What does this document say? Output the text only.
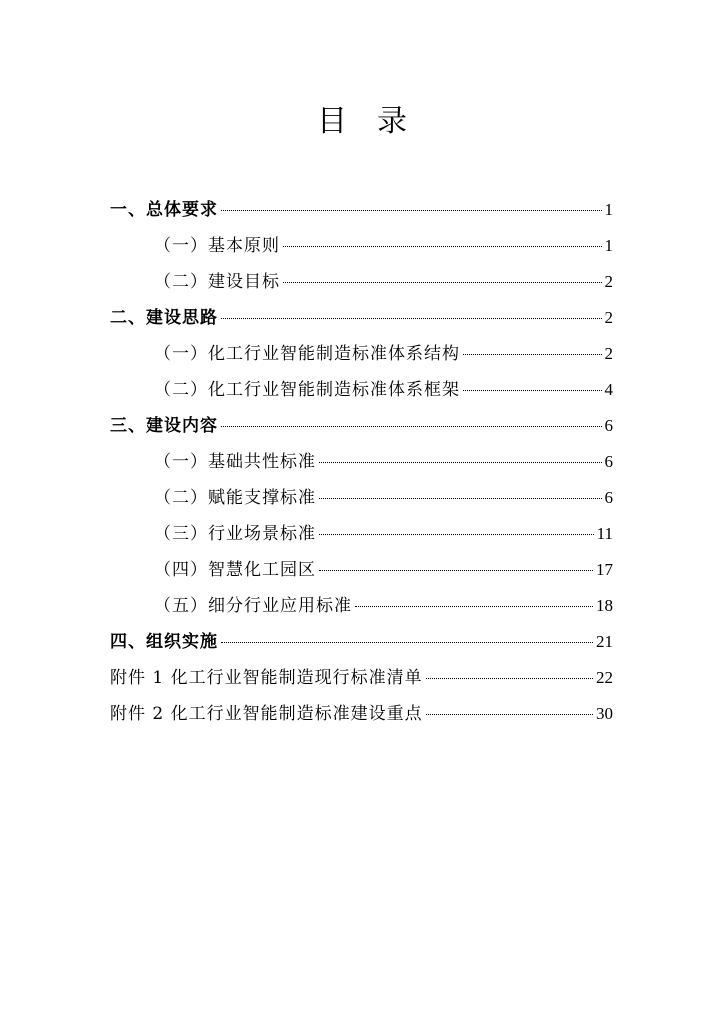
目录
一、总体要求	1
（一）基本原则	1
（二）建设目标	2
二、建设思路	2
（一）化工行业智能制造标准体系结构	2
（二）化工行业智能制造标准体系框架	4
三、建设内容	6
（一）基础共性标准	6
（二）赋能支撑标准	6
（三）行业场景标准	11
（四）智慧化工园区	17
（五）细分行业应用标准	18
四、组织实施	21
附件 1 化工行业智能制造现行标准清单	22
附件 2 化工行业智能制造标准建设重点	30
